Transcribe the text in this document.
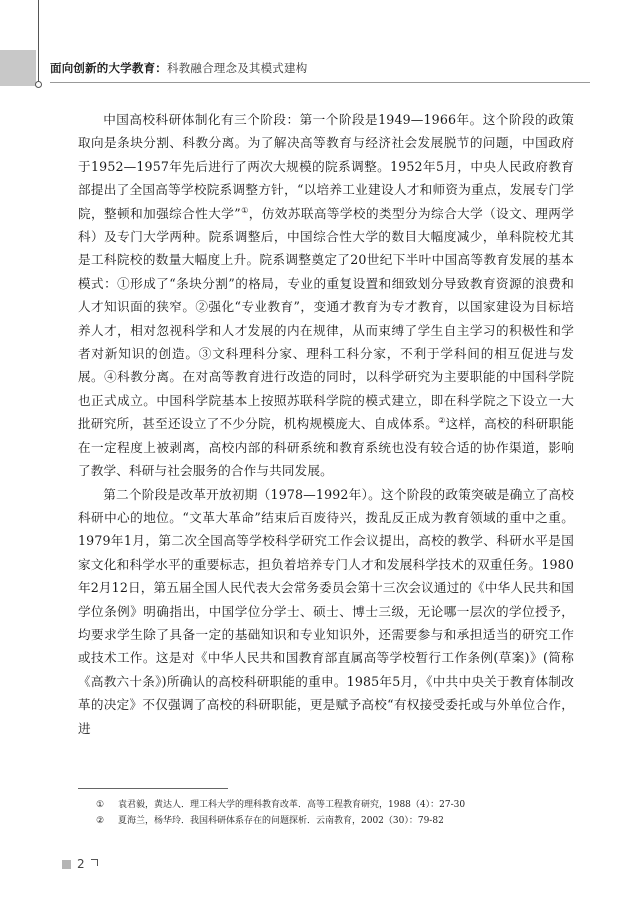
面向创新的大学教育：科教融合理念及其模式建构

中国高校科研体制化有三个阶段：第一个阶段是1949—1966年。这个阶段的政策取向是条块分割、科教分离。为了解决高等教育与经济社会发展脱节的问题，中国政府于1952—1957年先后进行了两次大规模的院系调整。1952年5月，中央人民政府教育部提出了全国高等学校院系调整方针，“以培养工业建设人才和师资为重点，发展专门学院，整顿和加强综合性大学”①，仿效苏联高等学校的类型分为综合大学（设文、理两学科）及专门大学两种。院系调整后，中国综合性大学的数目大幅度减少，单科院校尤其是工科院校的数量大幅度上升。院系调整奠定了20世纪下半叶中国高等教育发展的基本模式：①形成了“条块分割”的格局，专业的重复设置和细致划分导致教育资源的浪费和人才知识面的狭窄。②强化“专业教育”，变通才教育为专才教育，以国家建设为目标培养人才，相对忽视科学和人才发展的内在规律，从而束缚了学生自主学习的积极性和学者对新知识的创造。③文科理科分家、理科工科分家，不利于学科间的相互促进与发展。④科教分离。在对高等教育进行改造的同时，以科学研究为主要职能的中国科学院也正式成立。中国科学院基本上按照苏联科学院的模式建立，即在科学院之下设立一大批研究所，甚至还设立了不少分院，机构规模庞大、自成体系。②这样，高校的科研职能在一定程度上被剥离，高校内部的科研系统和教育系统也没有较合适的协作渠道，影响了教学、科研与社会服务的合作与共同发展。

第二个阶段是改革开放初期（1978—1992年）。这个阶段的政策突破是确立了高校科研中心的地位。“文革大革命”结束后百废待兴，拨乱反正成为教育领域的重中之重。1979年1月，第二次全国高等学校科学研究工作会议提出，高校的教学、科研水平是国家文化和科学水平的重要标志，担负着培养专门人才和发展科学技术的双重任务。1980年2月12日，第五届全国人民代表大会常务委员会第十三次会议通过的《中华人民共和国学位条例》明确指出，中国学位分学士、硕士、博士三级，无论哪一层次的学位授予，均要求学生除了具备一定的基础知识和专业知识外，还需要参与和承担适当的研究工作或技术工作。这是对《中华人民共和国教育部直属高等学校暂行工作条例(草案)》(简称《高教六十条》)所确认的高校科研职能的重申。1985年5月，《中共中央关于教育体制改革的决定》不仅强调了高校的科研职能，更是赋予高校“有权接受委托或与外单位合作，进

① 袁君毅，黄达人．理工科大学的理科教育改革．高等工程教育研究，1988（4）：27-30
② 夏海兰，杨华玲．我国科研体系存在的问题探析．云南教育，2002（30）：79-82
2
